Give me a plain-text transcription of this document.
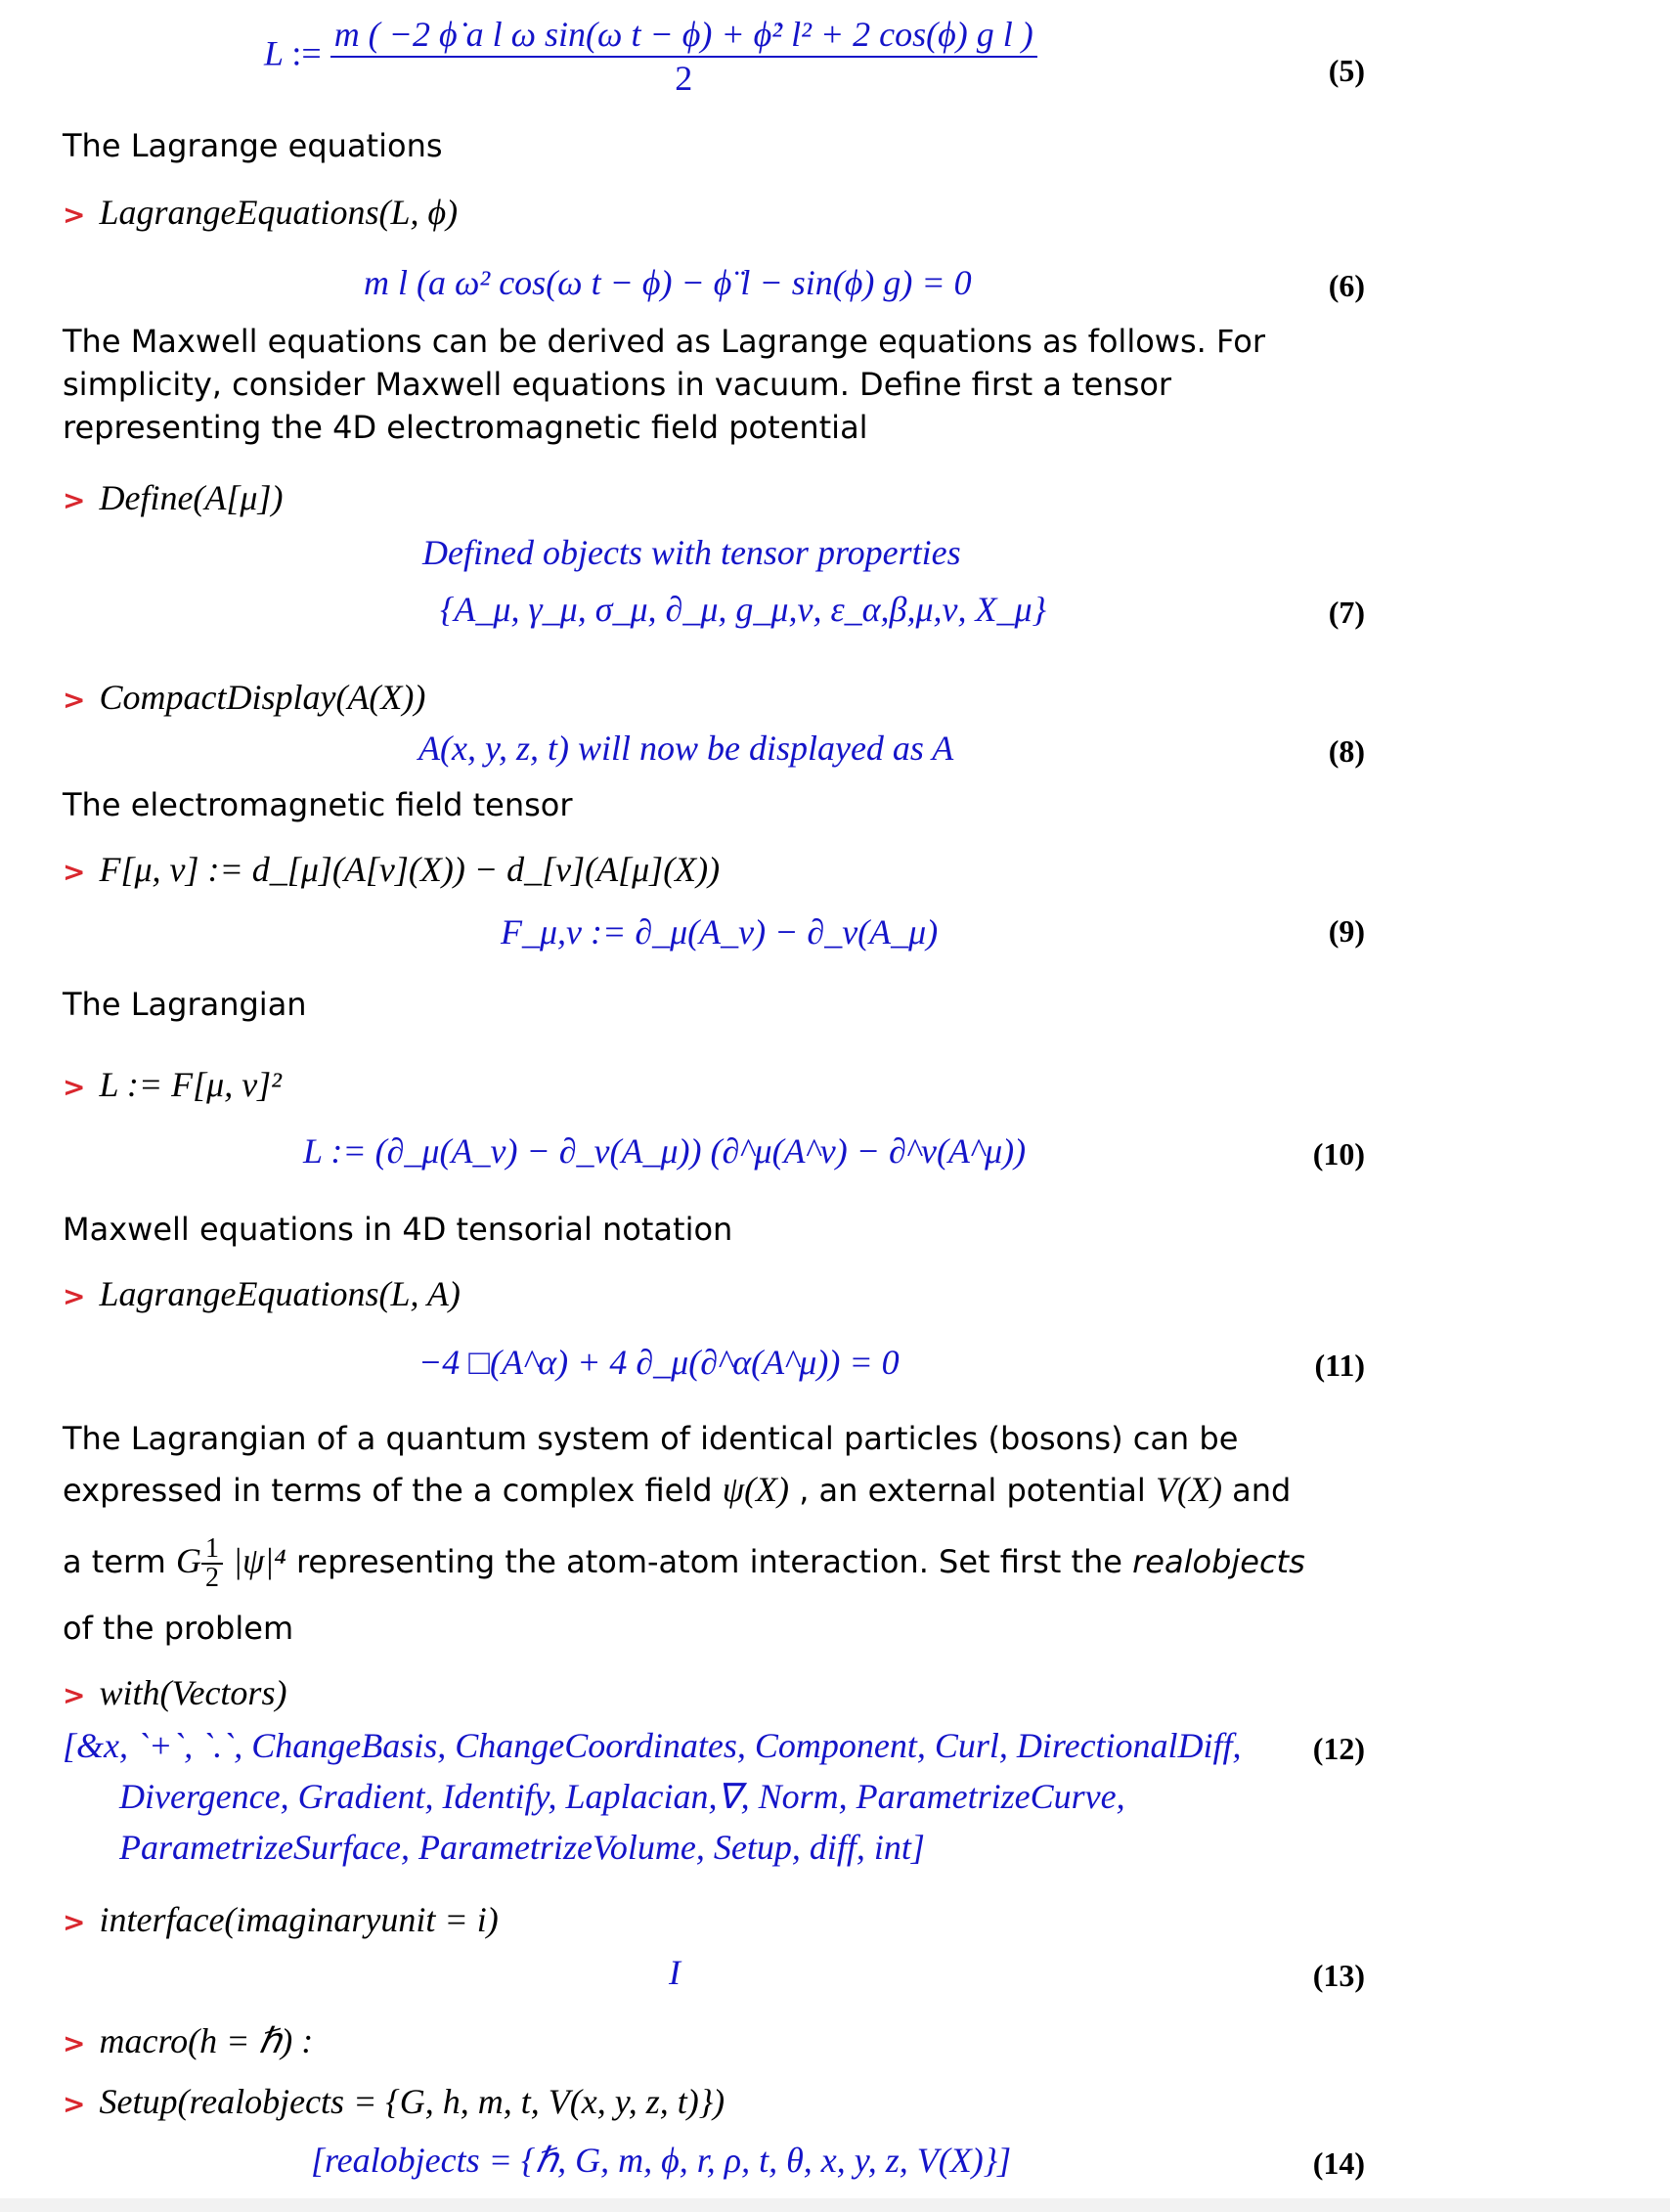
L := $\frac{\text{m ( −2 ϕ̇ a l ω sin(ω t − ϕ) + ϕ̇² l² + 2 cos(ϕ) g l )}}{2}$	(5)
The Lagrange equations
> LagrangeEquations(L, ϕ)
m l (a ω² cos(ω t − ϕ) − ϕ̈ l − sin(ϕ) g) = 0	(6)
The Maxwell equations can be derived as Lagrange equations as follows. For
simplicity, consider Maxwell equations in vacuum. Define first a tensor
representing the 4D electromagnetic field potential
> Define(A[μ])
Defined objects with tensor properties
{A_μ, γ_μ, σ_μ, ∂_μ, g_μ,ν, ε_α,β,μ,ν, X_μ}	(7)
> CompactDisplay(A(X))
A(x, y, z, t) will now be displayed as A	(8)
The electromagnetic field tensor
> F[μ, ν] := d_[μ](A[ν](X)) − d_[ν](A[μ](X))
F_μ,ν := ∂_μ(A_ν) − ∂_ν(A_μ)	(9)
The Lagrangian
> L := F[μ, ν]²
L := (∂_μ(A_ν) − ∂_ν(A_μ)) (∂^μ(A^ν) − ∂^ν(A^μ))	(10)
Maxwell equations in 4D tensorial notation
> LagrangeEquations(L, A)
−4 □(A^α) + 4 ∂_μ(∂^α(A^μ)) = 0	(11)
The Lagrangian of a quantum system of identical particles (bosons) can be
expressed in terms of the a complex field ψ(X) , an external potential V(X) and
a term G $\frac{1}{2} |\psi|^4$ representing the atom-atom interaction. Set first the realobjects
of the problem
> with(Vectors)
[&x, `+`, `.`, ChangeBasis, ChangeCoordinates, Component, Curl, DirectionalDiff,
Divergence, Gradient, Identify, Laplacian,∇, Norm, ParametrizeCurve,
ParametrizeSurface, ParametrizeVolume, Setup, diff, int]
(12)
> interface(imaginaryunit = i)
I	(13)
> macro(h = ℏ) :
> Setup(realobjects = {G, h, m, t, V(x, y, z, t)})
[realobjects = {ℏ, G, m, ϕ, r, ρ, t, θ, x, y, z, V(X)}]	(14)
